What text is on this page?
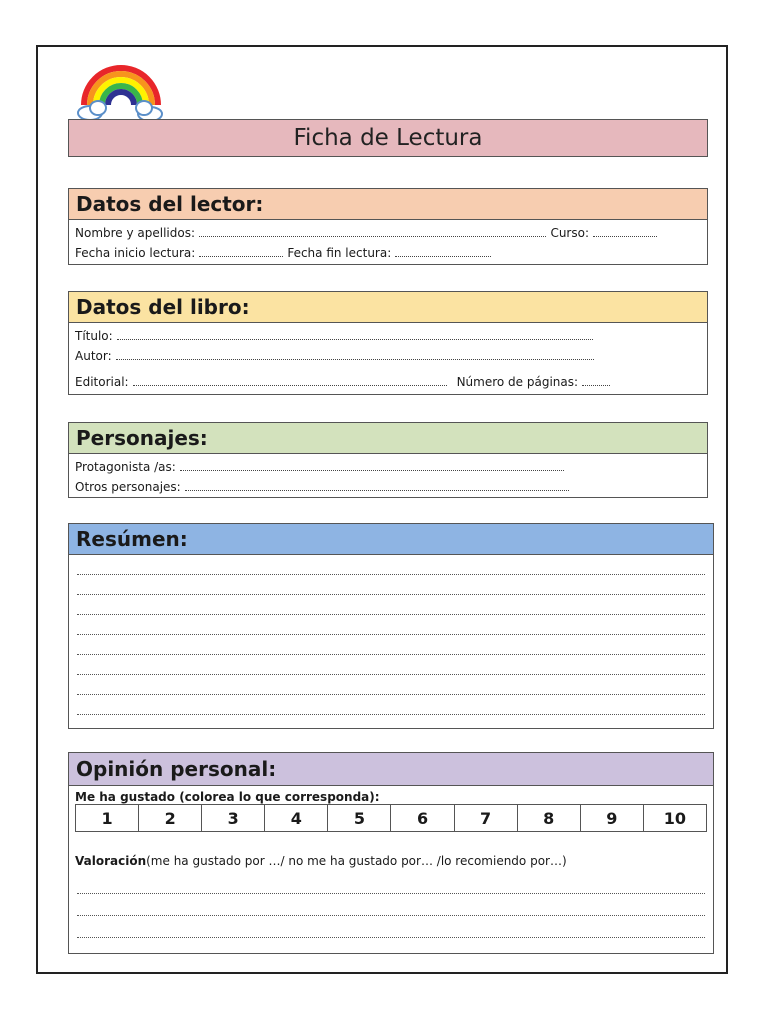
Ficha de Lectura
Datos del lector:
Nombre y apellidos:	Curso:
Fecha inicio lectura:	Fecha fin lectura:
Datos del libro:
Título:
Autor:
Editorial:	Número de páginas:
Personajes:
Protagonista /as:
Otros personajes:
Resúmen:
Opinión personal:
Me ha gustado (colorea lo que corresponda):
1	2	3	4	5	6	7	8	9	10
Valoración (me ha gustado por …/ no me ha gustado por… /lo recomiendo por…)
